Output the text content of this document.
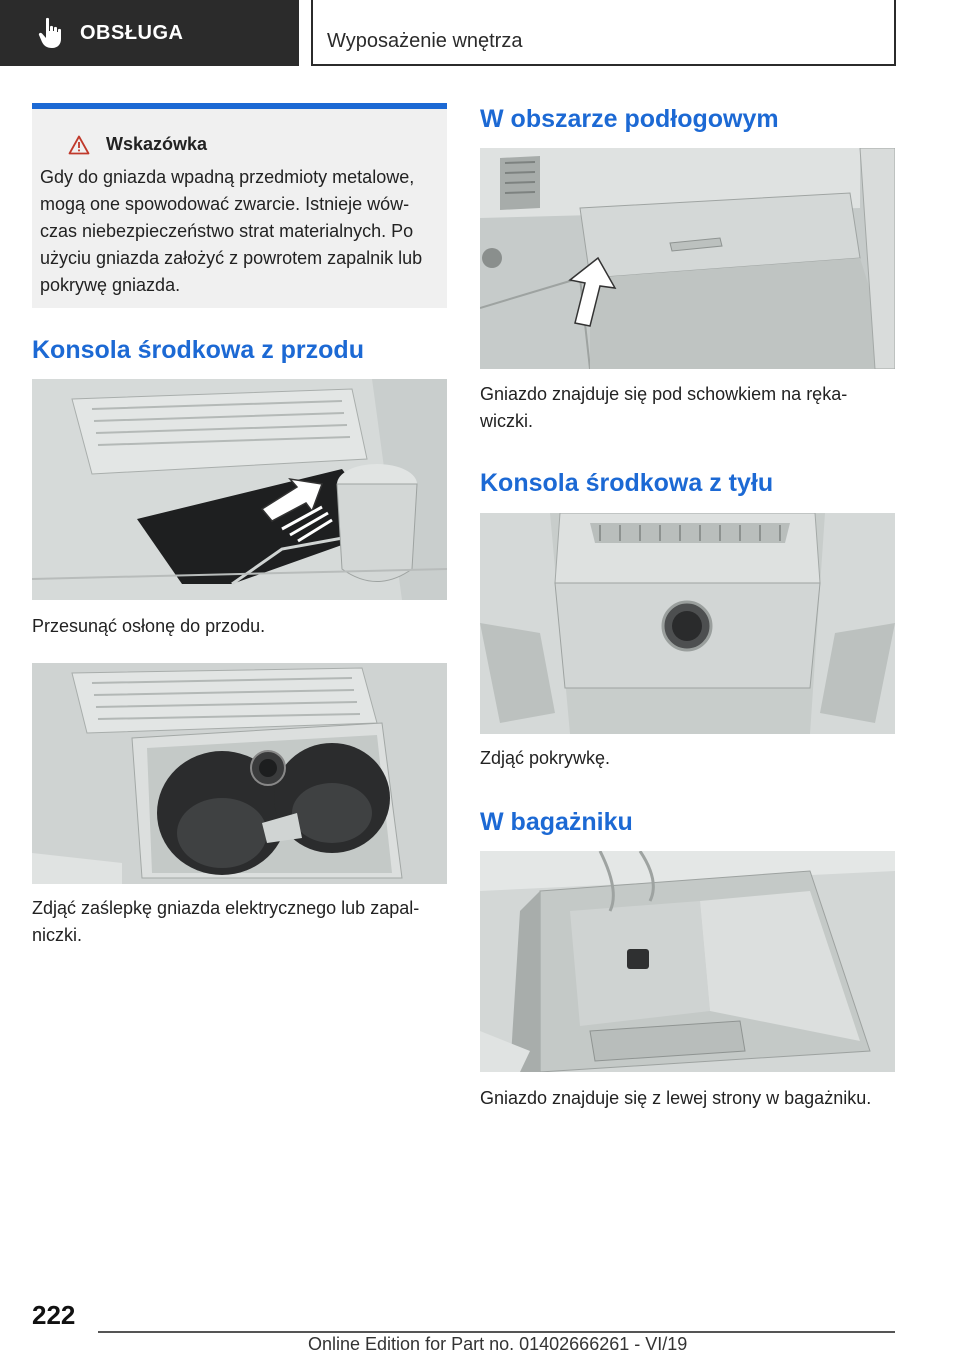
OBSŁUGA	Wyposażenie wnętrza
Wskazówka
Gdy do gniazda wpadną przedmioty metalowe,
mogą one spowodować zwarcie. Istnieje wów-
czas niebezpieczeństwo strat materialnych. Po
użyciu gniazda założyć z powrotem zapalnik lub
pokrywę gniazda.
Konsola środkowa z przodu
Przesunąć osłonę do przodu.
Zdjąć zaślepkę gniazda elektrycznego lub zapal-
niczki.
W obszarze podłogowym
Gniazdo znajduje się pod schowkiem na ręka-
wiczki.
Konsola środkowa z tyłu
Zdjąć pokrywkę.
W bagażniku
Gniazdo znajduje się z lewej strony w bagażniku.
222
Online Edition for Part no. 01402666261 - VI/19
